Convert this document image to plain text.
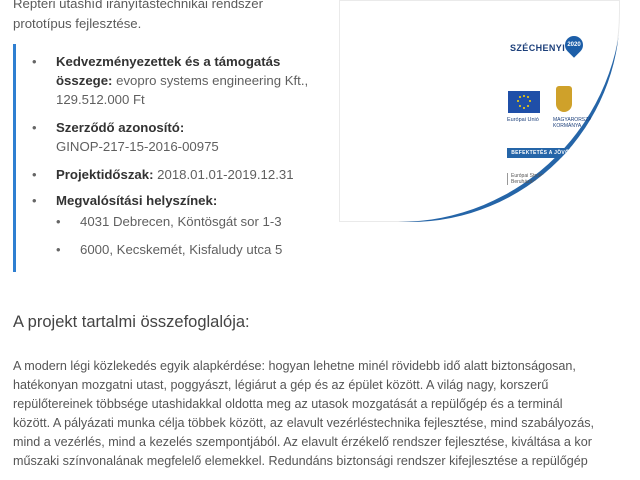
Repteri utashíd irányítástechnikai rendszer
prototípus fejlesztése.
• Kedvezményezettek és a támogatás
összege: evopro systems engineering Kft.,
129.512.000 Ft
• Szerződő azonosító:
GINOP-217-15-2016-00975
• Projektidőszak: 2018.01.01-2019.12.31
• Megvalósítási helyszínek:
• 4031 Debrecen, Köntösgát sor 1-3
• 6000, Kecskemét, Kisfaludy utca 5
SZÉCHENYI 2020
Európai Unió	MAGYARORSZÁG KORMÁNYA
BEFEKTETÉS A JÖVŐBE
Európai Strukturális és Beruházási Alapok
A projekt tartalmi összefoglalója:
A modern légi közlekedés egyik alapkérdése: hogyan lehetne minél rövidebb idő alatt biztonságosan,
hatékonyan mozgatni utast, poggyászt, légiárut a gép és az épület között. A világ nagy, korszerű
repülőtereinek többsége utashidakkal oldotta meg az utasok mozgatását a repülőgép és a terminál
között. A pályázati munka célja többek között, az elavult vezérléstechnika fejlesztése, mind szabályozás,
mind a vezérlés, mind a kezelés szempontjából. Az elavult érzékelő rendszer fejlesztése, kiváltása a kor
műszaki színvonalának megfelelő elemekkel. Redundáns biztonsági rendszer kifejlesztése a repülőgép
